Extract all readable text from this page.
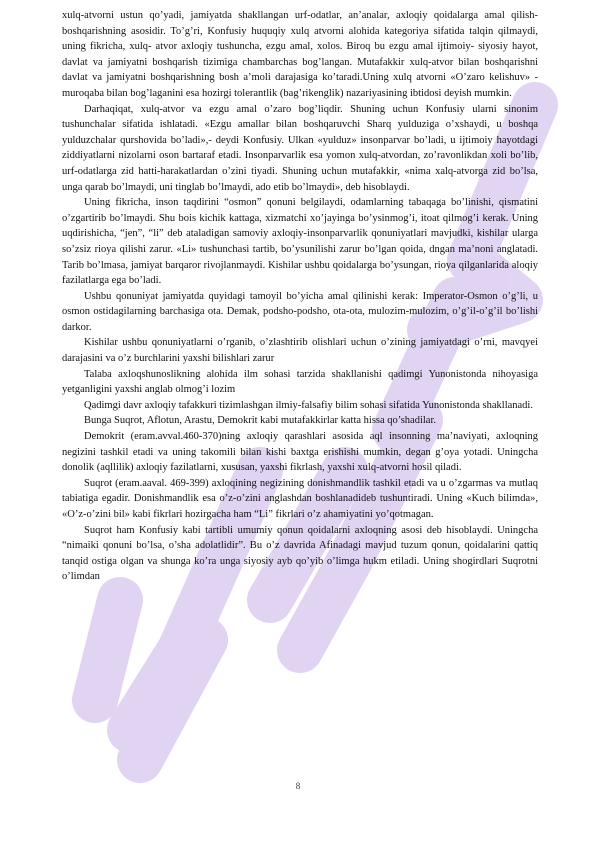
xulq-atvorni ustun qo’yadi, jamiyatda shakllangan urf-odatlar, an’analar, axloqiy qoidalarga amal qilish- boshqarishning asosidir. To’g’ri, Konfusiy huquqiy xulq atvorni alohida kategoriya sifatida talqin qilmaydi, uning fikricha, xulq- atvor axloqiy tushuncha, ezgu amal, xolos. Biroq bu ezgu amal ijtimoiy- siyosiy hayot, davlat va jamiyatni boshqarish tizimiga chambarchas bog’langan. Mutafakkir xulq-atvor bilan boshqarishni davlat va jamiyatni boshqarishning bosh a’moli darajasiga ko’taradi.Uning xulq atvorni «O’zaro kelishuv» - muroqaba bilan bog’laganini esa hozirgi tolerantlik (bag’rikenglik) nazariyasining ibtidosi deyish mumkin.

Darhaqiqat, xulq-atvor va ezgu amal o’zaro bog’liqdir. Shuning uchun Konfusiy ularni sinonim tushunchalar sifatida ishlatadi. «Ezgu amallar bilan boshqaruvchi Sharq yulduziga o’xshaydi, u boshqa yulduzchalar qurshovida bo’ladi»,- deydi Konfusiy. Ulkan «yulduz» insonparvar bo’ladi, u ijtimoiy hayotdagi ziddiyatlarni nizolarni oson bartaraf etadi. Insonparvarlik esa yomon xulq-atvordan, zo’ravonlikdan xoli bo’lib, urf-odatlarga zid hatti-harakatlardan o’zini tiyadi. Shuning uchun mutafakkir, «nima xalq-atvorga zid bo’lsa, unga qarab bo’lmaydi, uni tinglab bo’lmaydi, ado etib bo’lmaydi», deb hisoblaydi.

Uning fikricha, inson taqdirini “osmon” qonuni belgilaydi, odamlarning tabaqaga bo’linishi, qismatini o’zgartirib bo’lmaydi. Shu bois kichik kattaga, xizmatchi xo’jayinga bo’ysinmog’i, itoat qilmog’i kerak. Uning uqdirishicha, “jen”, “li” deb ataladigan samoviy axloqiy-insonparvarlik qonuniyatlari mavjudki, kishilar ularga so’zsiz rioya qilishi zarur. «Li» tushunchasi tartib, bo’ysunilishi zarur bo’lgan qoida, dngan ma’noni anglatadi. Tarib bo’lmasa, jamiyat barqaror rivojlanmaydi. Kishilar ushbu qoidalarga bo’ysungan, rioya qilganlarida aloqiy fazilatlarga ega bo’ladi.

Ushbu qonuniyat jamiyatda quyidagi tamoyil bo’yicha amal qilinishi kerak: Imperator-Osmon o’g’li, u osmon ostidagilarning barchasiga ota. Demak, podsho-podsho, ota-ota, mulozim-mulozim, o’g’il-o’g’il bo’lishi darkor.

Kishilar ushbu qonuniyatlarni o’rganib, o’zlashtirib olishlari uchun o’zining jamiyatdagi o’rni, mavqyei darajasini va o’z burchlarini yaxshi bilishlari zarur

Talaba axloqshunoslikning alohida ilm sohasi tarzida shakllanishi qadimgi Yunonistonda nihoyasiga yetganligini yaxshi anglab olmog’i lozim

Qadimgi davr axloqiy tafakkuri tizimlashgan ilmiy-falsafiy bilim sohasi sifatida Yunonistonda shakllanadi.

Bunga Suqrot, Aflotun, Arastu, Demokrit kabi mutafakkirlar katta hissa qo’shadilar.

Demokrit (eram.avval.460-370)ning axloqiy qarashlari asosida aql insonning ma’naviyati, axloqning negizini tashkil etadi va uning takomili bilan kishi baxtga erishishi mumkin, degan g’oya yotadi. Uningcha donolik (aqllilik) axloqiy fazilatlarni, xususan, yaxshi fikrlash, yaxshi xulq-atvorni hosil qiladi.

Suqrot (eram.aaval. 469-399) axloqining negizining donishmandlik tashkil etadi va u o’zgarmas va mutlaq tabiatiga egadir. Donishmandlik esa o’z-o’zini anglashdan boshlanadideb tushuntiradi. Uning «Kuch bilimda», «O’z-o’zini bil» kabi fikrlari hozirgacha ham “Li” fikrlari o’z ahamiyatini yo’qotmagan.

Suqrot ham Konfusiy kabi tartibli umumiy qonun qoidalarni axloqning asosi deb hisoblaydi. Uningcha “nimaiki qonuni bo’lsa, o’sha adolatlidir”. Bu o’z davrida Afinadagi mavjud tuzum qonun, qoidalarini qattiq tanqid ostiga olgan va shunga ko’ra unga siyosiy ayb qo’yib o’limga hukm etiladi. Uning shogirdlari Suqrotni o’limdan

8
